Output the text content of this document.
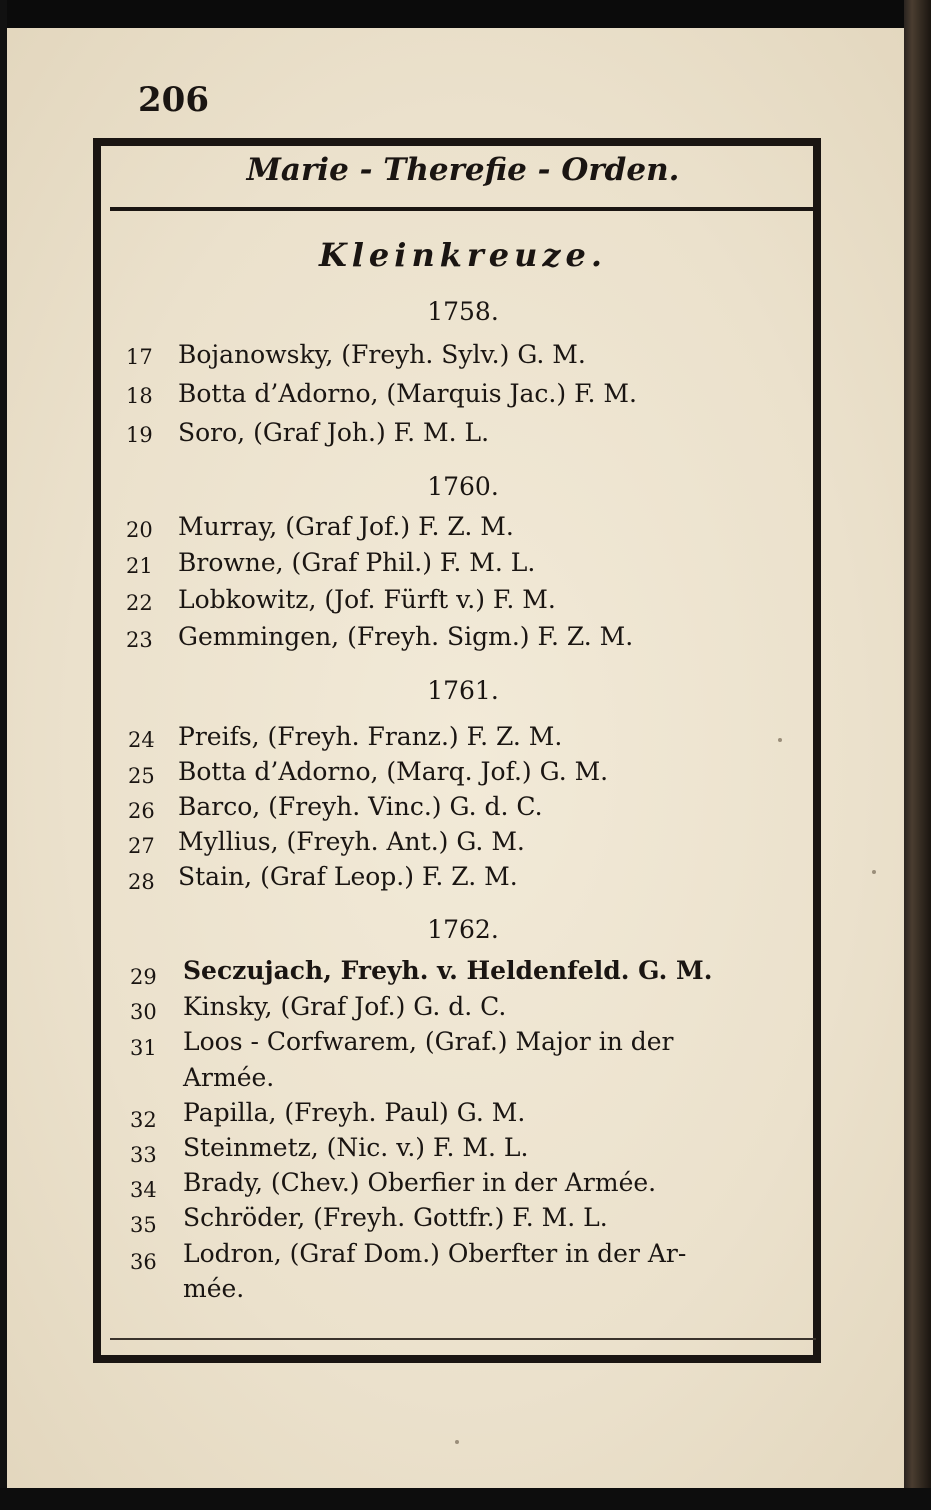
206
Marie - Therefie - Orden.
Kleinkreuze.
1758.
17	Bojanowsky, (Freyh. Sylv.) G. M.
18	Botta d’Adorno, (Marquis Jac.) F. M.
19	Soro, (Graf Joh.) F. M. L.
1760.
20	Murray, (Graf Jof.) F. Z. M.
21	Browne, (Graf Phil.) F. M. L.
22	Lobkowitz, (Jof. Fürft v.) F. M.
23	Gemmingen, (Freyh. Sigm.) F. Z. M.
1761.
24 Preifs, (Freyh. Franz.) F. Z. M.
25 Botta d’Adorno, (Marq. Jof.) G. M.
26 Barco, (Freyh. Vinc.) G. d. C.
27 Myllius, (Freyh. Ant.) G. M.
28 Stain, (Graf Leop.) F. Z. M.
1762.
29	Seczujach, Freyh. v. Heldenfeld. G. M.
30	Kinsky, (Graf Jof.) G. d. C.
31	Loos - Corfwarem, (Graf.) Major in der
Armée.
32	Papilla, (Freyh. Paul) G. M.
33	Steinmetz, (Nic. v.) F. M. L.
34	Brady, (Chev.) Oberfier in der Armée.
35	Schröder, (Freyh. Gottfr.) F. M. L.
36	Lodron, (Graf Dom.) Oberfter in der Ar-
mée.
